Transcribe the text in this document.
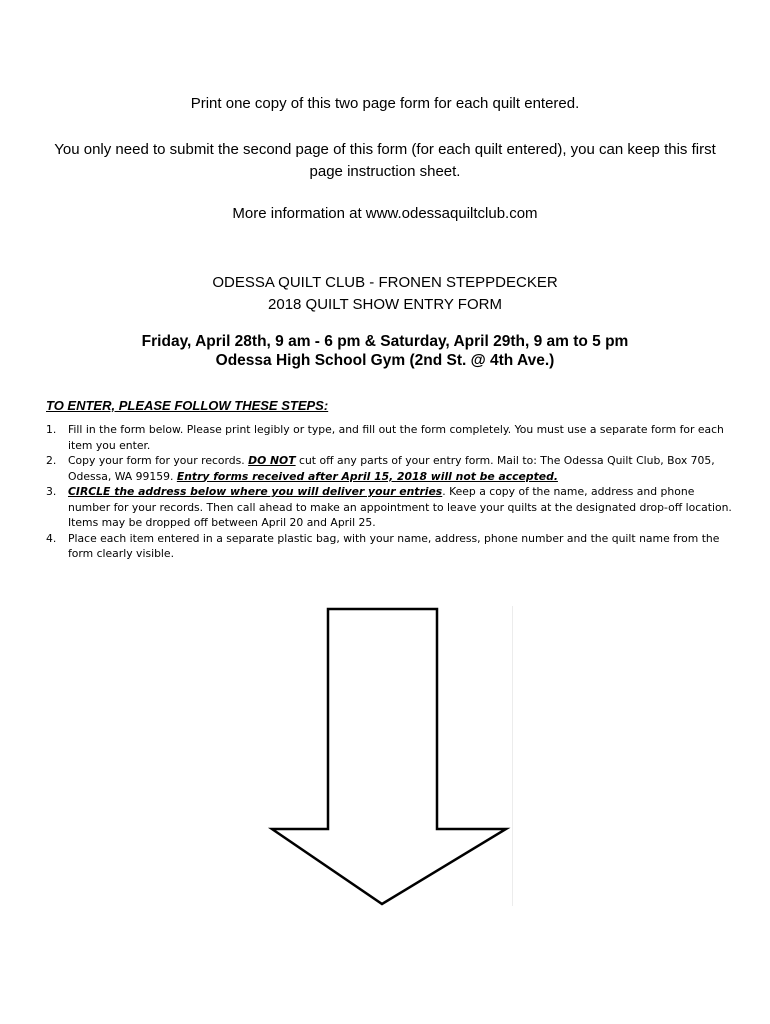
Print one copy of this two page form for each quilt entered.
You only need to submit the second page of this form (for each quilt entered), you can keep this first page instruction sheet.
More information at www.odessaquiltclub.com
ODESSA QUILT CLUB - FRONEN STEPPDECKER
2018 QUILT SHOW ENTRY FORM
Friday, April 28th, 9 am - 6 pm & Saturday, April 29th, 9 am to 5 pm
Odessa High School Gym (2nd St. @ 4th Ave.)
TO ENTER, PLEASE FOLLOW THESE STEPS:
1. Fill in the form below. Please print legibly or type, and fill out the form completely. You must use a separate form for each item you enter.
2. Copy your form for your records. DO NOT cut off any parts of your entry form. Mail to: The Odessa Quilt Club, Box 705, Odessa, WA 99159. Entry forms received after April 15, 2018 will not be accepted.
3. CIRCLE the address below where you will deliver your entries. Keep a copy of the name, address and phone number for your records. Then call ahead to make an appointment to leave your quilts at the designated drop-off location. Items may be dropped off between April 20 and April 25.
4. Place each item entered in a separate plastic bag, with your name, address, phone number and the quilt name from the form clearly visible.
